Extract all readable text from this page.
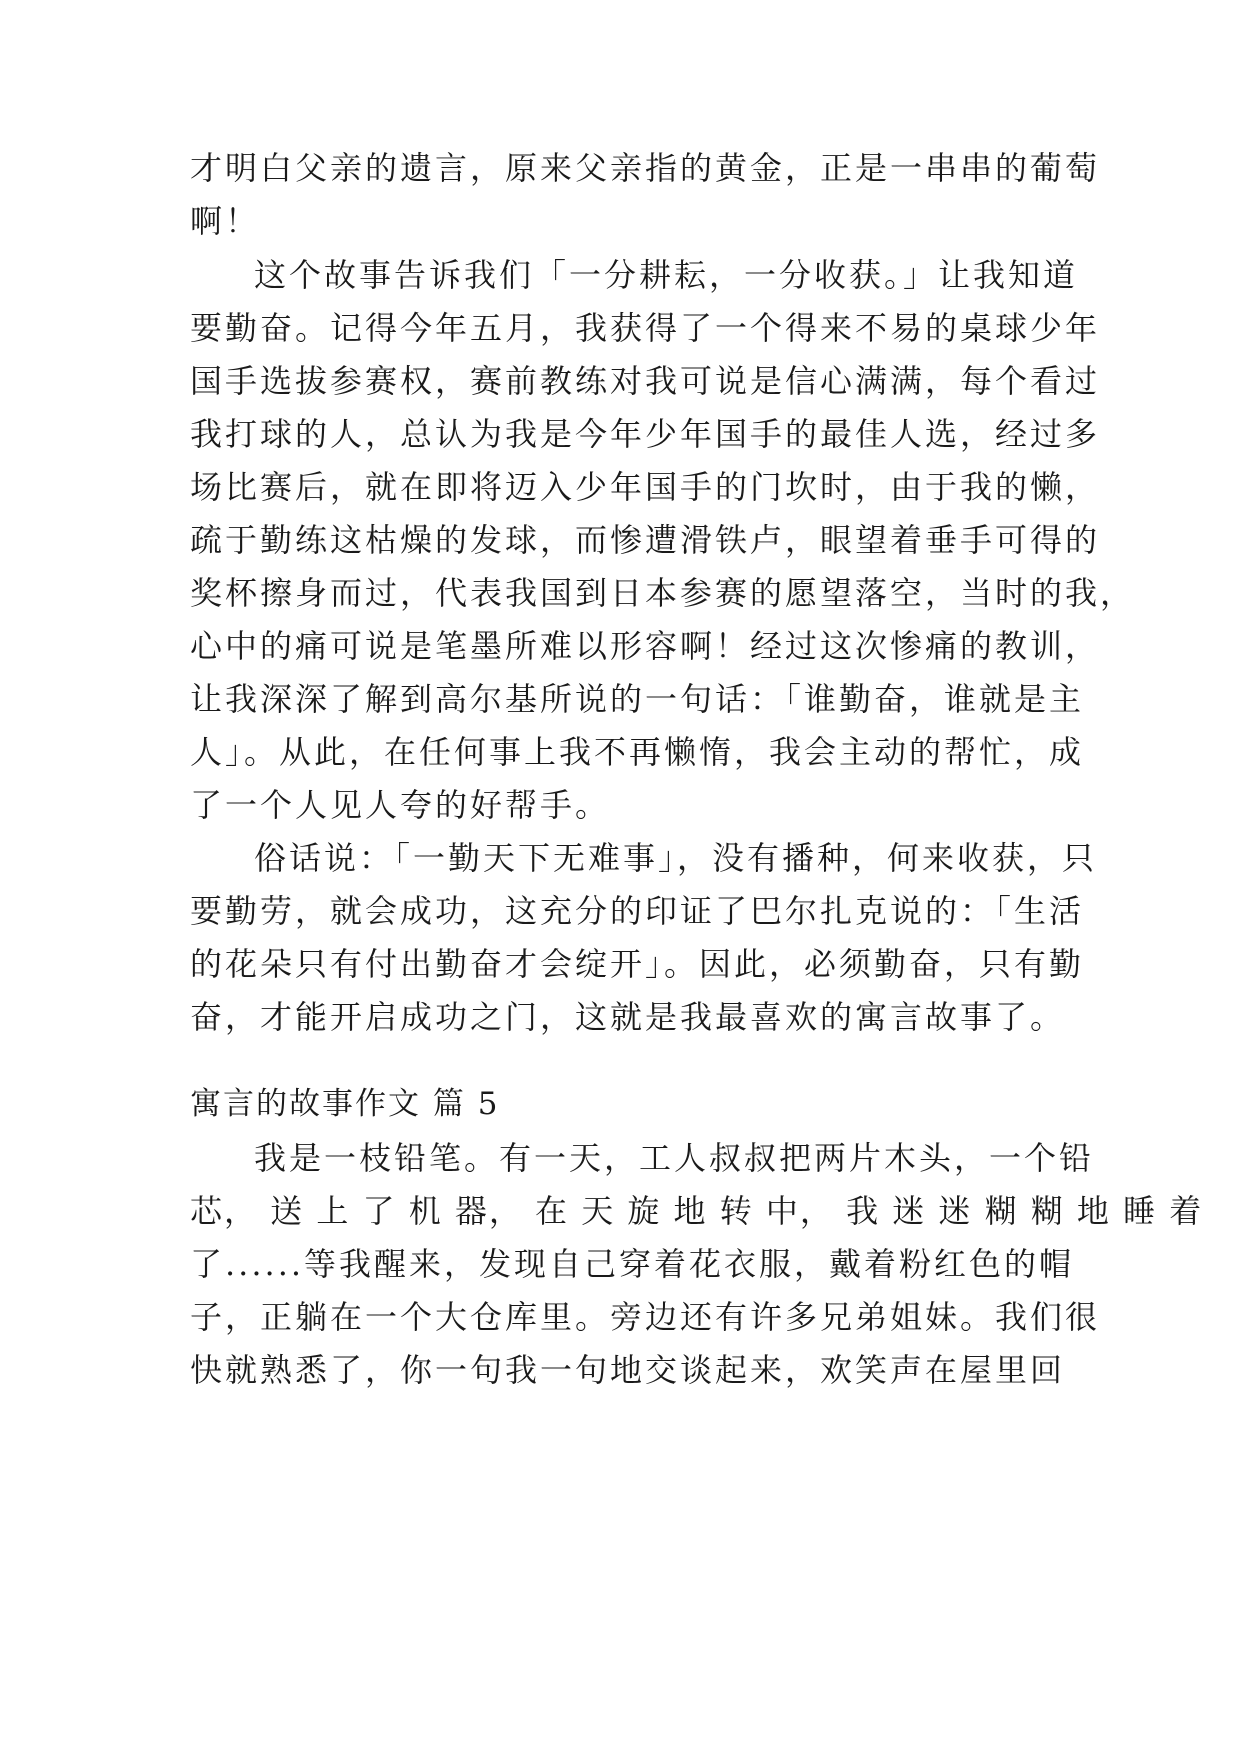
才明白父亲的遗言，原来父亲指的黄金，正是一串串的葡萄
啊！
这个故事告诉我们「一分耕耘，一分收获。」让我知道
要勤奋。记得今年五月，我获得了一个得来不易的桌球少年
国手选拔参赛权，赛前教练对我可说是信心满满，每个看过
我打球的人，总认为我是今年少年国手的最佳人选，经过多
场比赛后，就在即将迈入少年国手的门坎时，由于我的懒，
疏于勤练这枯燥的发球，而惨遭滑铁卢，眼望着垂手可得的
奖杯擦身而过，代表我国到日本参赛的愿望落空，当时的我，
心中的痛可说是笔墨所难以形容啊！经过这次惨痛的教训，
让我深深了解到高尔基所说的一句话：「谁勤奋，谁就是主
人」。从此，在任何事上我不再懒惰，我会主动的帮忙，成
了一个人见人夸的好帮手。
俗话说：「一勤天下无难事」，没有播种，何来收获，只
要勤劳，就会成功，这充分的印证了巴尔扎克说的：「生活
的花朵只有付出勤奋才会绽开」。因此，必须勤奋，只有勤
奋，才能开启成功之门，这就是我最喜欢的寓言故事了。
寓言的故事作文 篇 5
我是一枝铅笔。有一天，工人叔叔把两片木头，一个铅
芯， 送 上 了 机 器， 在 天 旋 地 转 中， 我 迷 迷 糊 糊 地 睡 着
了......等我醒来，发现自己穿着花衣服，戴着粉红色的帽
子，正躺在一个大仓库里。旁边还有许多兄弟姐妹。我们很
快就熟悉了，你一句我一句地交谈起来，欢笑声在屋里回
